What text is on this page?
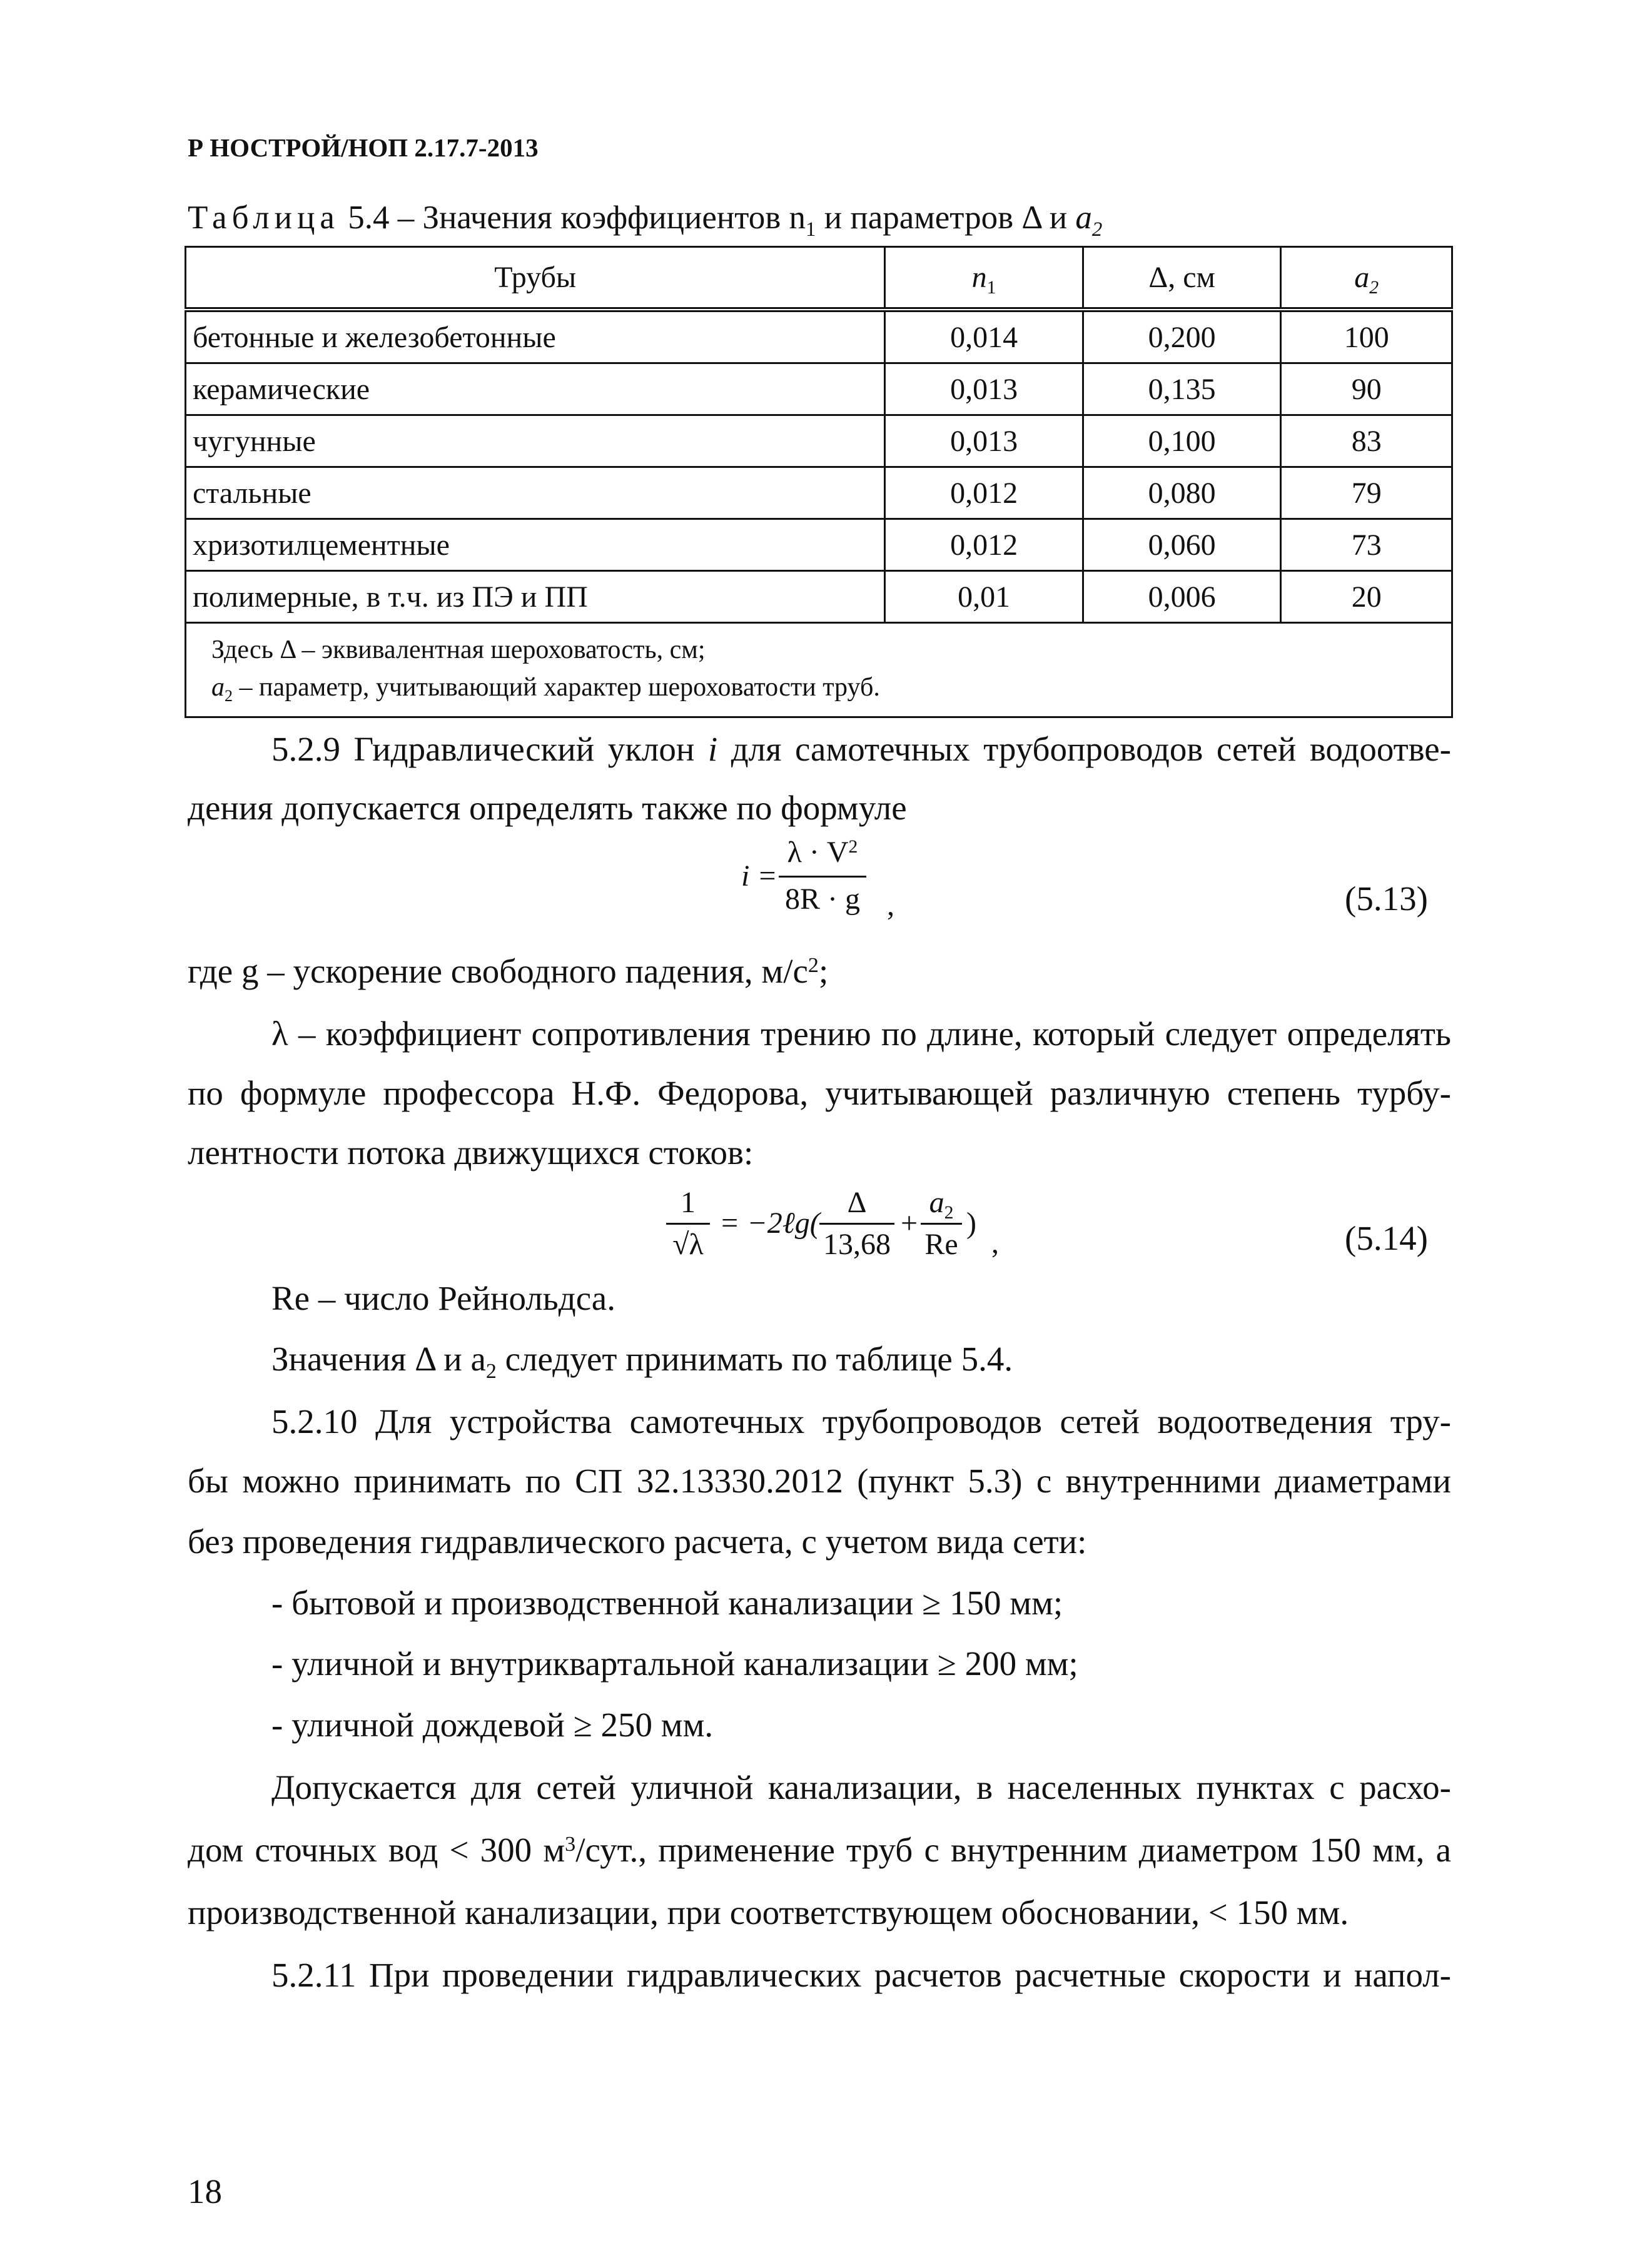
Р НОСТРОЙ/НОП 2.17.7-2013
Таблица 5.4 – Значения коэффициентов $n_1$ и параметров Δ и $a_2$
Трубы	$n_1$	Δ, см	$a_2$
бетонные и железобетонные	0,014	0,200	100
керамические	0,013	0,135	90
чугунные	0,013	0,100	83
стальные	0,012	0,080	79
хризотилцементные	0,012	0,060	73
полимерные, в т.ч. из ПЭ и ПП	0,01	0,006	20

Здесь Δ – эквивалентная шероховатость, см;
$a_2$ – параметр, учитывающий характер шероховатости труб.			
5.2.9 Гидравлический уклон i для самотечных трубопроводов сетей водоотве-
дения допускается определять также по формуле
i =
$\lambda \cdot V^2$
8R · g ,	(5.13)
где g – ускорение свободного падения, $м/с^2$;
λ – коэффициент сопротивления трению по длине, который следует определять
по формуле профессора Н.Ф. Федорова, учитывающей различную степень турбу-
лентности потока движущихся стоков:
1
√λ
= −2ℓg(
Δ
13,68
+
$a_2$
Re
)
,	(5.14)
Re – число Рейнольдса.
Значения Δ и $a_2$ следует принимать по таблице 5.4.
5.2.10 Для устройства самотечных трубопроводов сетей водоотведения тру-
бы можно принимать по СП 32.13330.2012 (пункт 5.3) с внутренними диаметрами
без проведения гидравлического расчета, с учетом вида сети:
- бытовой и производственной канализации ≥ 150 мм;
- уличной и внутриквартальной канализации ≥ 200 мм;
- уличной дождевой ≥ 250 мм.
Допускается для сетей уличной канализации, в населенных пунктах с расхо-
дом сточных вод < 300 $м^3$/сут., применение труб с внутренним диаметром 150 мм, а
производственной канализации, при соответствующем обосновании, < 150 мм.
5.2.11 При проведении гидравлических расчетов расчетные скорости и напол-
18
